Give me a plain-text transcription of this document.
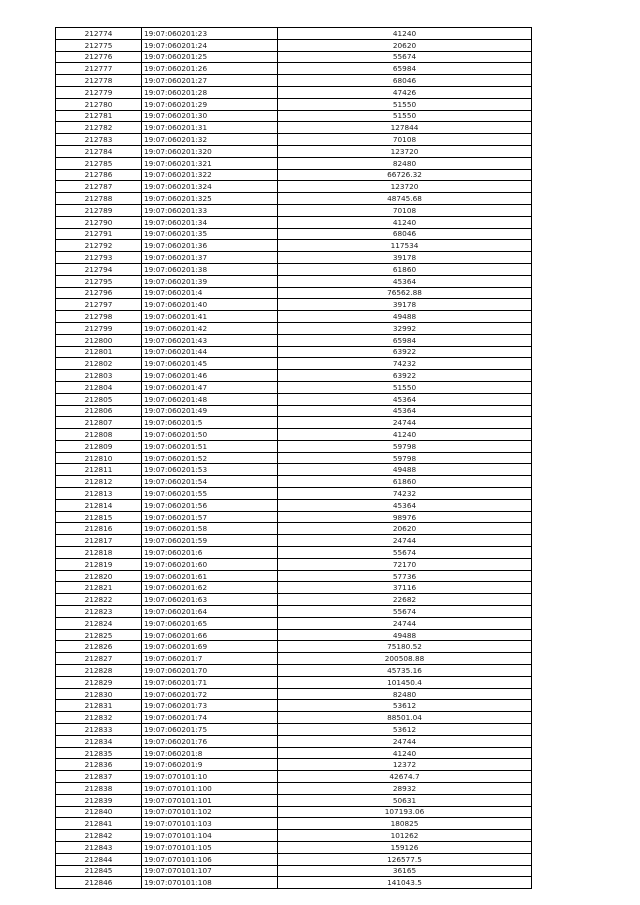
212774	19:07:060201:23	41240
212775	19:07:060201:24	20620
212776	19:07:060201:25	55674
212777	19:07:060201:26	65984
212778	19:07:060201:27	68046
212779	19:07:060201:28	47426
212780	19:07:060201:29	51550
212781	19:07:060201:30	51550
212782	19:07:060201:31	127844
212783	19:07:060201:32	70108
212784	19:07:060201:320	123720
212785	19:07:060201:321	82480
212786	19:07:060201:322	66726.32
212787	19:07:060201:324	123720
212788	19:07:060201:325	48745.68
212789	19:07:060201:33	70108
212790	19:07:060201:34	41240
212791	19:07:060201:35	68046
212792	19:07:060201:36	117534
212793	19:07:060201:37	39178
212794	19:07:060201:38	61860
212795	19:07:060201:39	45364
212796	19:07:060201:4	76562.88
212797	19:07:060201:40	39178
212798	19:07:060201:41	49488
212799	19:07:060201:42	32992
212800	19:07:060201:43	65984
212801	19:07:060201:44	63922
212802	19:07:060201:45	74232
212803	19:07:060201:46	63922
212804	19:07:060201:47	51550
212805	19:07:060201:48	45364
212806	19:07:060201:49	45364
212807	19:07:060201:5	24744
212808	19:07:060201:50	41240
212809	19:07:060201:51	59798
212810	19:07:060201:52	59798
212811	19:07:060201:53	49488
212812	19:07:060201:54	61860
212813	19:07:060201:55	74232
212814	19:07:060201:56	45364
212815	19:07:060201:57	98976
212816	19:07:060201:58	20620
212817	19:07:060201:59	24744
212818	19:07:060201:6	55674
212819	19:07:060201:60	72170
212820	19:07:060201:61	57736
212821	19:07:060201:62	37116
212822	19:07:060201:63	22682
212823	19:07:060201:64	55674
212824	19:07:060201:65	24744
212825	19:07:060201:66	49488
212826	19:07:060201:69	75180.52
212827	19:07:060201:7	200508.88
212828	19:07:060201:70	45735.16
212829	19:07:060201:71	101450.4
212830	19:07:060201:72	82480
212831	19:07:060201:73	53612
212832	19:07:060201:74	88501.04
212833	19:07:060201:75	53612
212834	19:07:060201:76	24744
212835	19:07:060201:8	41240
212836	19:07:060201:9	12372
212837	19:07:070101:10	42674.7
212838	19:07:070101:100	28932
212839	19:07:070101:101	50631
212840	19:07:070101:102	107193.06
212841	19:07:070101:103	180825
212842	19:07:070101:104	101262
212843	19:07:070101:105	159126
212844	19:07:070101:106	126577.5
212845	19:07:070101:107	36165
212846	19:07:070101:108	141043.5
